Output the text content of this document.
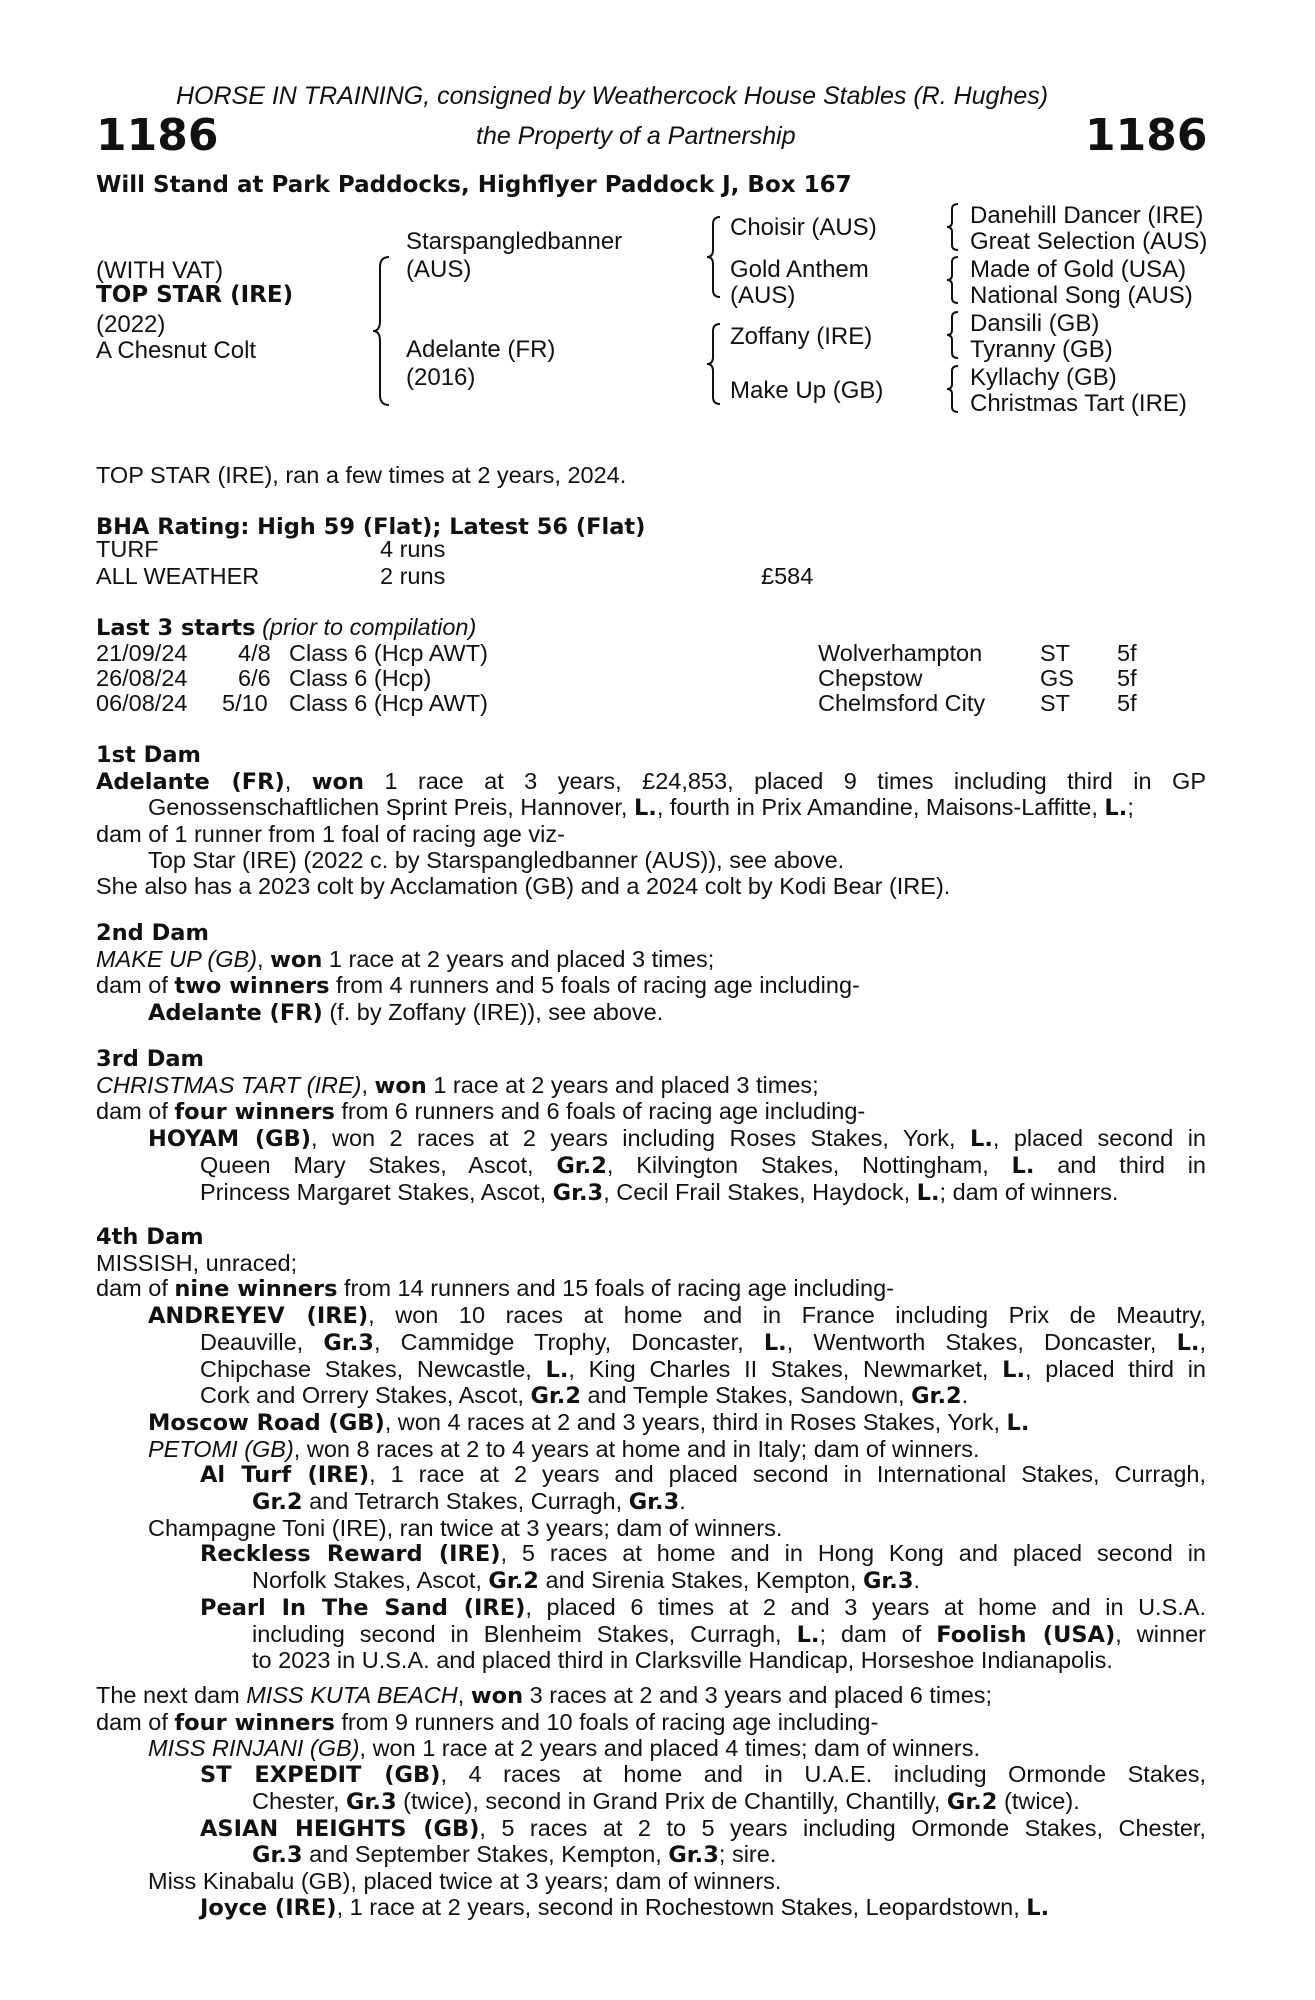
HORSE IN TRAINING, consigned by Weathercock House Stables (R. Hughes)
1186	the Property of a Partnership	1186
Will Stand at Park Paddocks, Highflyer Paddock J, Box 167
(WITH VAT)
TOP STAR (IRE)
(2022)
A Chesnut Colt
Starspangledbanner
(AUS)
Adelante (FR)
(2016)
Choisir (AUS)
Gold Anthem
(AUS)
Zoffany (IRE)
Make Up (GB)
Danehill Dancer (IRE)
Great Selection (AUS)
Made of Gold (USA)
National Song (AUS)
Dansili (GB)
Tyranny (GB)
Kyllachy (GB)
Christmas Tart (IRE)
TOP STAR (IRE), ran a few times at 2 years, 2024.
BHA Rating: High 59 (Flat); Latest 56 (Flat)
TURF	4 runs
ALL WEATHER	2 runs	£584
Last 3 starts (prior to compilation)
21/09/24 4/8 Class 6 (Hcp AWT)	Wolverhampton ST 5f
26/08/24 6/6 Class 6 (Hcp)	Chepstow	GS 5f
06/08/24 5/10 Class 6 (Hcp AWT)	Chelmsford City ST 5f

1st Dam

Adelante (FR), won 1 race at 3 years, £24,853, placed 9 times including third in GP

Genossenschaftlichen Sprint Preis, Hannover, L., fourth in Prix Amandine, Maisons-Laffitte, L.;

dam of 1 runner from 1 foal of racing age viz-

Top Star (IRE) (2022 c. by Starspangledbanner (AUS)), see above.

She also has a 2023 colt by Acclamation (GB) and a 2024 colt by Kodi Bear (IRE).

2nd Dam

MAKE UP (GB), won 1 race at 2 years and placed 3 times;

dam of two winners from 4 runners and 5 foals of racing age including-

Adelante (FR) (f. by Zoffany (IRE)), see above.

3rd Dam

CHRISTMAS TART (IRE), won 1 race at 2 years and placed 3 times;

dam of four winners from 6 runners and 6 foals of racing age including-

HOYAM (GB), won 2 races at 2 years including Roses Stakes, York, L., placed second in

Queen Mary Stakes, Ascot, Gr.2, Kilvington Stakes, Nottingham, L. and third in

Princess Margaret Stakes, Ascot, Gr.3, Cecil Frail Stakes, Haydock, L.; dam of winners.

4th Dam

MISSISH, unraced;

dam of nine winners from 14 runners and 15 foals of racing age including-

ANDREYEV (IRE), won 10 races at home and in France including Prix de Meautry,

Deauville, Gr.3, Cammidge Trophy, Doncaster, L., Wentworth Stakes, Doncaster, L.,

Chipchase Stakes, Newcastle, L., King Charles II Stakes, Newmarket, L., placed third in

Cork and Orrery Stakes, Ascot, Gr.2 and Temple Stakes, Sandown, Gr.2.

Moscow Road (GB), won 4 races at 2 and 3 years, third in Roses Stakes, York, L.

PETOMI (GB), won 8 races at 2 to 4 years at home and in Italy; dam of winners.

Al Turf (IRE), 1 race at 2 years and placed second in International Stakes, Curragh,

Gr.2 and Tetrarch Stakes, Curragh, Gr.3.

Champagne Toni (IRE), ran twice at 3 years; dam of winners.

Reckless Reward (IRE), 5 races at home and in Hong Kong and placed second in

Norfolk Stakes, Ascot, Gr.2 and Sirenia Stakes, Kempton, Gr.3.

Pearl In The Sand (IRE), placed 6 times at 2 and 3 years at home and in U.S.A.

including second in Blenheim Stakes, Curragh, L.; dam of Foolish (USA), winner

to 2023 in U.S.A. and placed third in Clarksville Handicap, Horseshoe Indianapolis.

The next dam MISS KUTA BEACH, won 3 races at 2 and 3 years and placed 6 times;

dam of four winners from 9 runners and 10 foals of racing age including-

MISS RINJANI (GB), won 1 race at 2 years and placed 4 times; dam of winners.

ST EXPEDIT (GB), 4 races at home and in U.A.E. including Ormonde Stakes,

Chester, Gr.3 (twice), second in Grand Prix de Chantilly, Chantilly, Gr.2 (twice).

ASIAN HEIGHTS (GB), 5 races at 2 to 5 years including Ormonde Stakes, Chester,

Gr.3 and September Stakes, Kempton, Gr.3; sire.

Miss Kinabalu (GB), placed twice at 3 years; dam of winners.

Joyce (IRE), 1 race at 2 years, second in Rochestown Stakes, Leopardstown, L.
